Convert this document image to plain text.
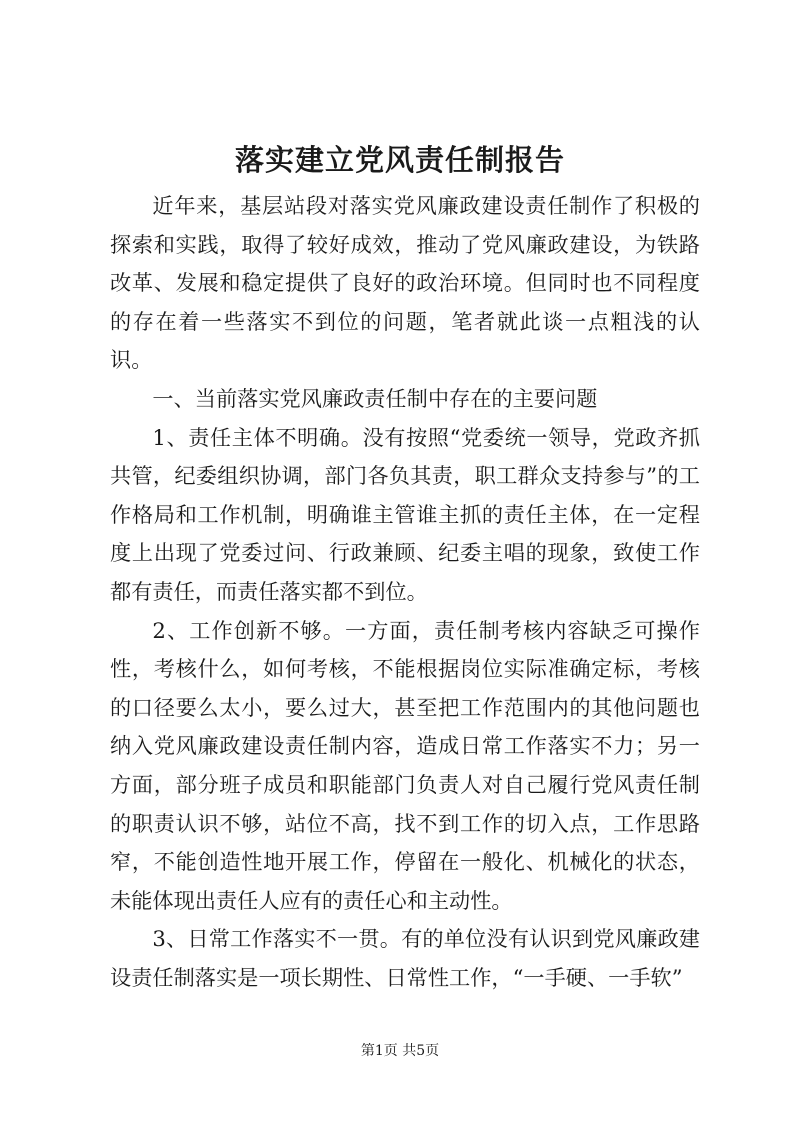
落实建立党风责任制报告

近年来，基层站段对落实党风廉政建设责任制作了积极的探索和实践，取得了较好成效，推动了党风廉政建设，为铁路改革、发展和稳定提供了良好的政治环境。但同时也不同程度的存在着一些落实不到位的问题，笔者就此谈一点粗浅的认识。

一、当前落实党风廉政责任制中存在的主要问题

1、责任主体不明确。没有按照“党委统一领导，党政齐抓共管，纪委组织协调，部门各负其责，职工群众支持参与”的工作格局和工作机制，明确谁主管谁主抓的责任主体，在一定程度上出现了党委过问、行政兼顾、纪委主唱的现象，致使工作都有责任，而责任落实都不到位。

2、工作创新不够。一方面，责任制考核内容缺乏可操作性，考核什么，如何考核，不能根据岗位实际准确定标，考核的口径要么太小，要么过大，甚至把工作范围内的其他问题也纳入党风廉政建设责任制内容，造成日常工作落实不力；另一方面，部分班子成员和职能部门负责人对自己履行党风责任制的职责认识不够，站位不高，找不到工作的切入点，工作思路窄，不能创造性地开展工作，停留在一般化、机械化的状态，未能体现出责任人应有的责任心和主动性。

3、日常工作落实不一贯。有的单位没有认识到党风廉政建设责任制落实是一项长期性、日常性工作，“一手硬、一手软”

第1页 共5页
